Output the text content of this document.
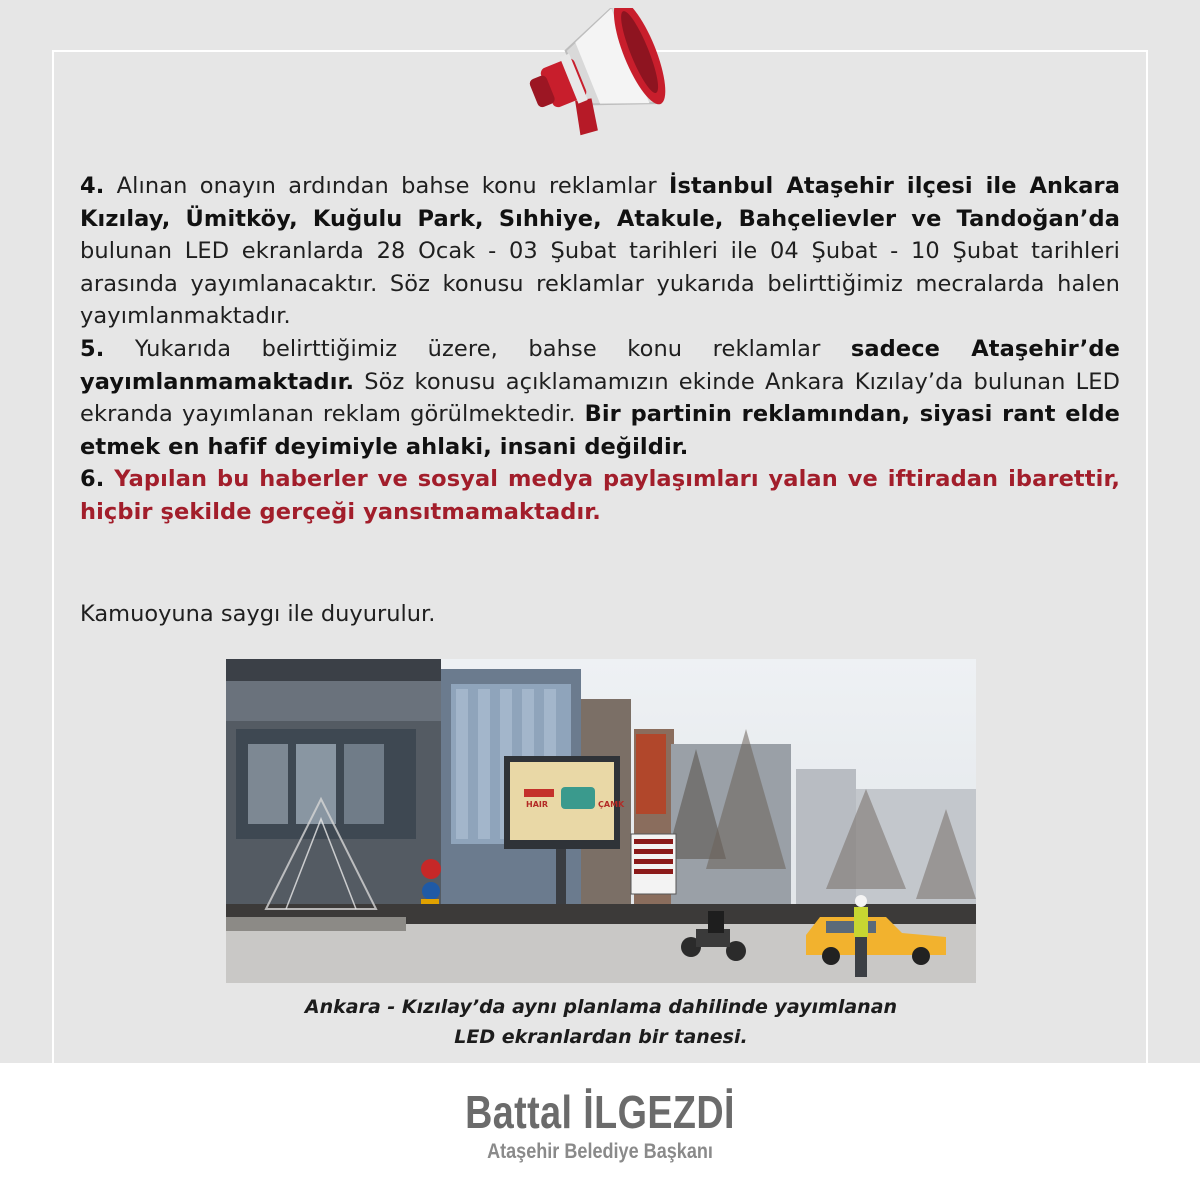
4. Alınan onayın ardından bahse konu reklamlar İstanbul Ataşehir ilçesi ile Ankara Kızılay, Ümitköy, Kuğulu Park, Sıhhiye, Atakule, Bahçelievler ve Tandoğan’da bulunan LED ekranlarda 28 Ocak - 03 Şubat tarihleri ile 04 Şubat - 10 Şubat tarihleri arasında yayımlanacaktır. Söz konusu reklamlar yukarıda belirttiğimiz mecralarda halen yayımlanmaktadır.

5. Yukarıda belirttiğimiz üzere, bahse konu reklamlar sadece Ataşehir’de yayımlanmamaktadır. Söz konusu açıklamamızın ekinde Ankara Kızılay’da bulunan LED ekranda yayımlanan reklam görülmektedir. Bir partinin reklamından, siyasi rant elde etmek en hafif deyimiyle ahlaki, insani değildir.

6. Yapılan bu haberler ve sosyal medya paylaşımları yalan ve iftiradan ibarettir, hiçbir şekilde gerçeği yansıtmamaktadır.

Kamuoyuna saygı ile duyurulur.
HAIR	ÇAMK
Ankara - Kızılay’da aynı planlama dahilinde yayımlanan
LED ekranlardan bir tanesi.
Battal İLGEZDİ
Ataşehir Belediye Başkanı
